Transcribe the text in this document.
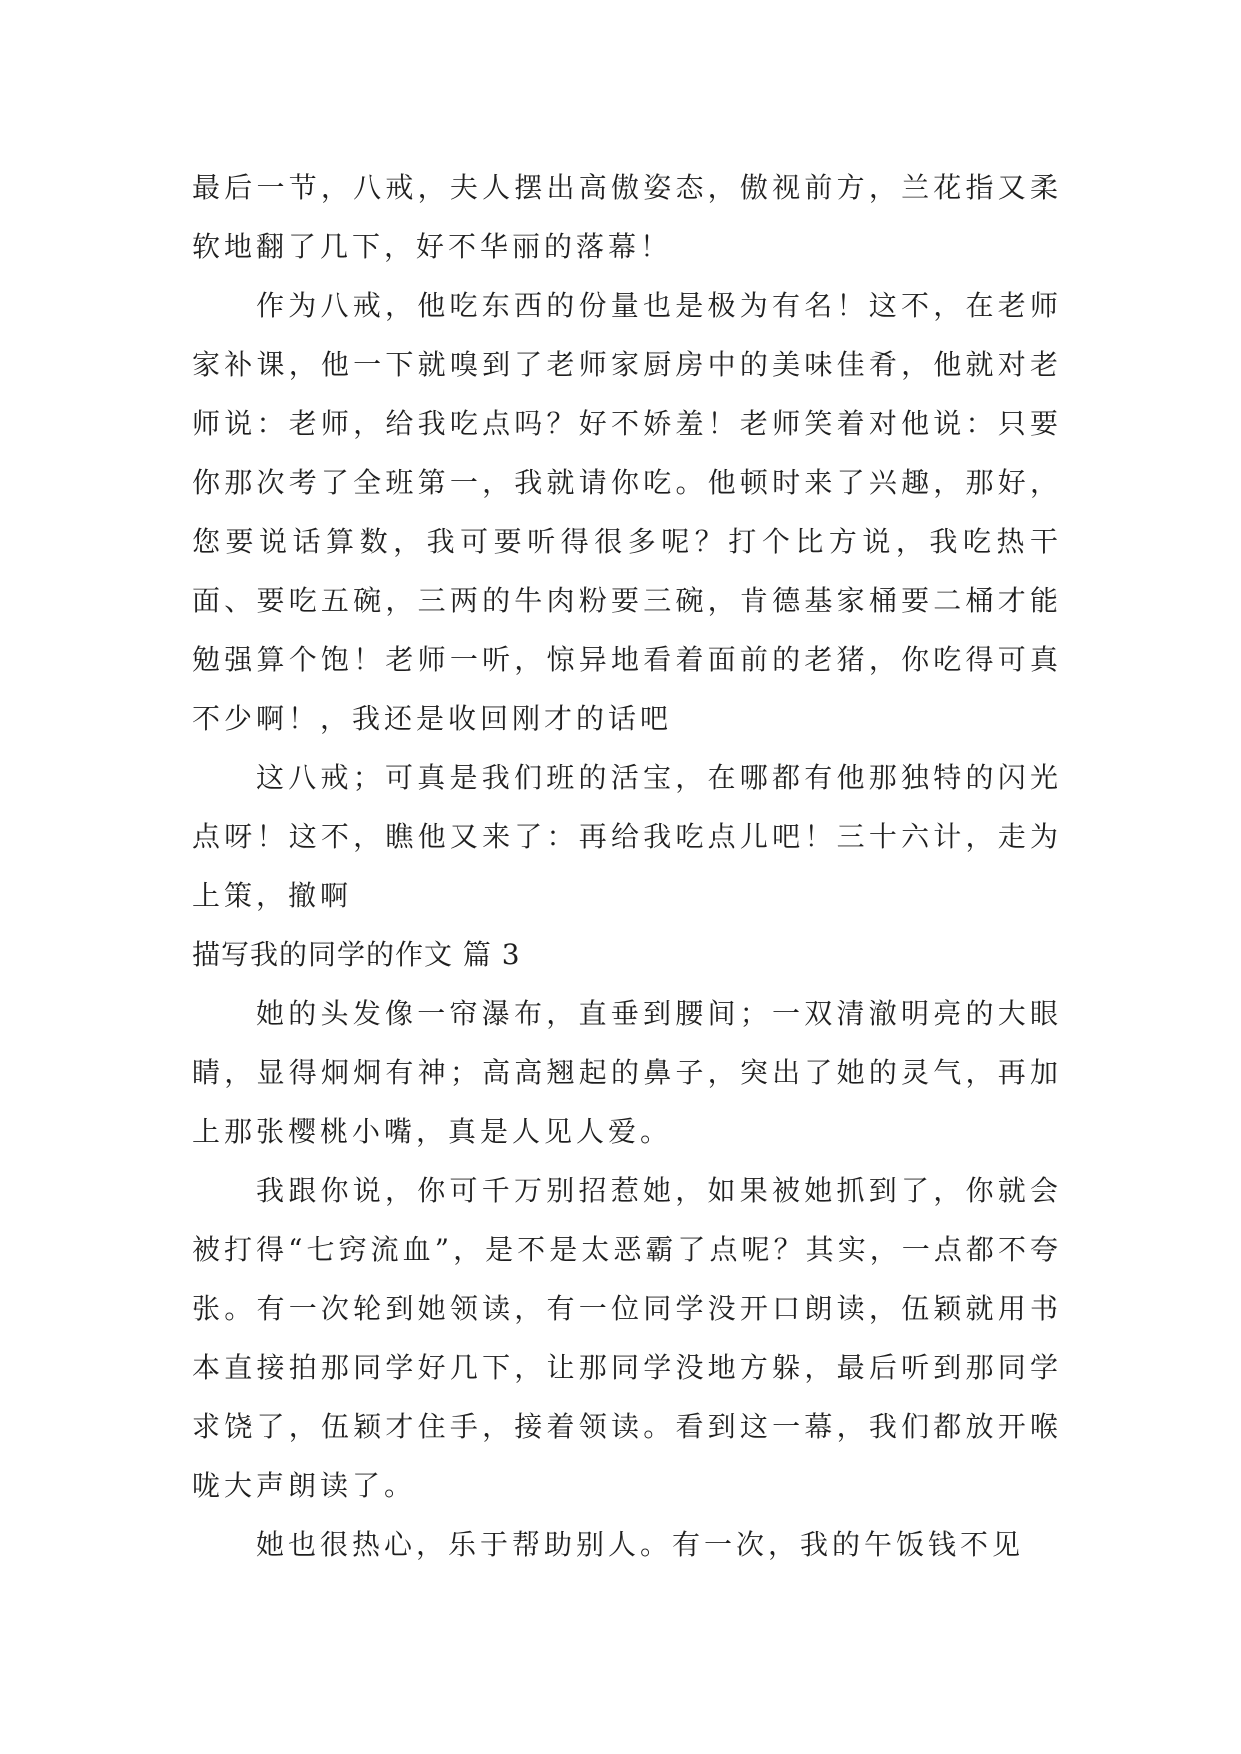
最后一节，八戒，夫人摆出高傲姿态，傲视前方，兰花指又柔软地翻了几下，好不华丽的落幕！

作为八戒，他吃东西的份量也是极为有名！这不，在老师家补课，他一下就嗅到了老师家厨房中的美味佳肴，他就对老师说：老师，给我吃点吗？好不娇羞！老师笑着对他说：只要你那次考了全班第一，我就请你吃。他顿时来了兴趣，那好，您要说话算数，我可要听得很多呢？打个比方说，我吃热干面、要吃五碗，三两的牛肉粉要三碗，肯德基家桶要二桶才能勉强算个饱！老师一听，惊异地看着面前的老猪，你吃得可真不少啊！，我还是收回刚才的话吧

这八戒；可真是我们班的活宝，在哪都有他那独特的闪光点呀！这不，瞧他又来了：再给我吃点儿吧！三十六计，走为上策，撤啊

描写我的同学的作文 篇 3

她的头发像一帘瀑布，直垂到腰间；一双清澈明亮的大眼睛，显得炯炯有神；高高翘起的鼻子，突出了她的灵气，再加上那张樱桃小嘴，真是人见人爱。

我跟你说，你可千万别招惹她，如果被她抓到了，你就会被打得“七窍流血”，是不是太恶霸了点呢？其实，一点都不夸张。有一次轮到她领读，有一位同学没开口朗读，伍颖就用书本直接拍那同学好几下，让那同学没地方躲，最后听到那同学求饶了，伍颖才住手，接着领读。看到这一幕，我们都放开喉咙大声朗读了。

她也很热心，乐于帮助别人。有一次，我的午饭钱不见
